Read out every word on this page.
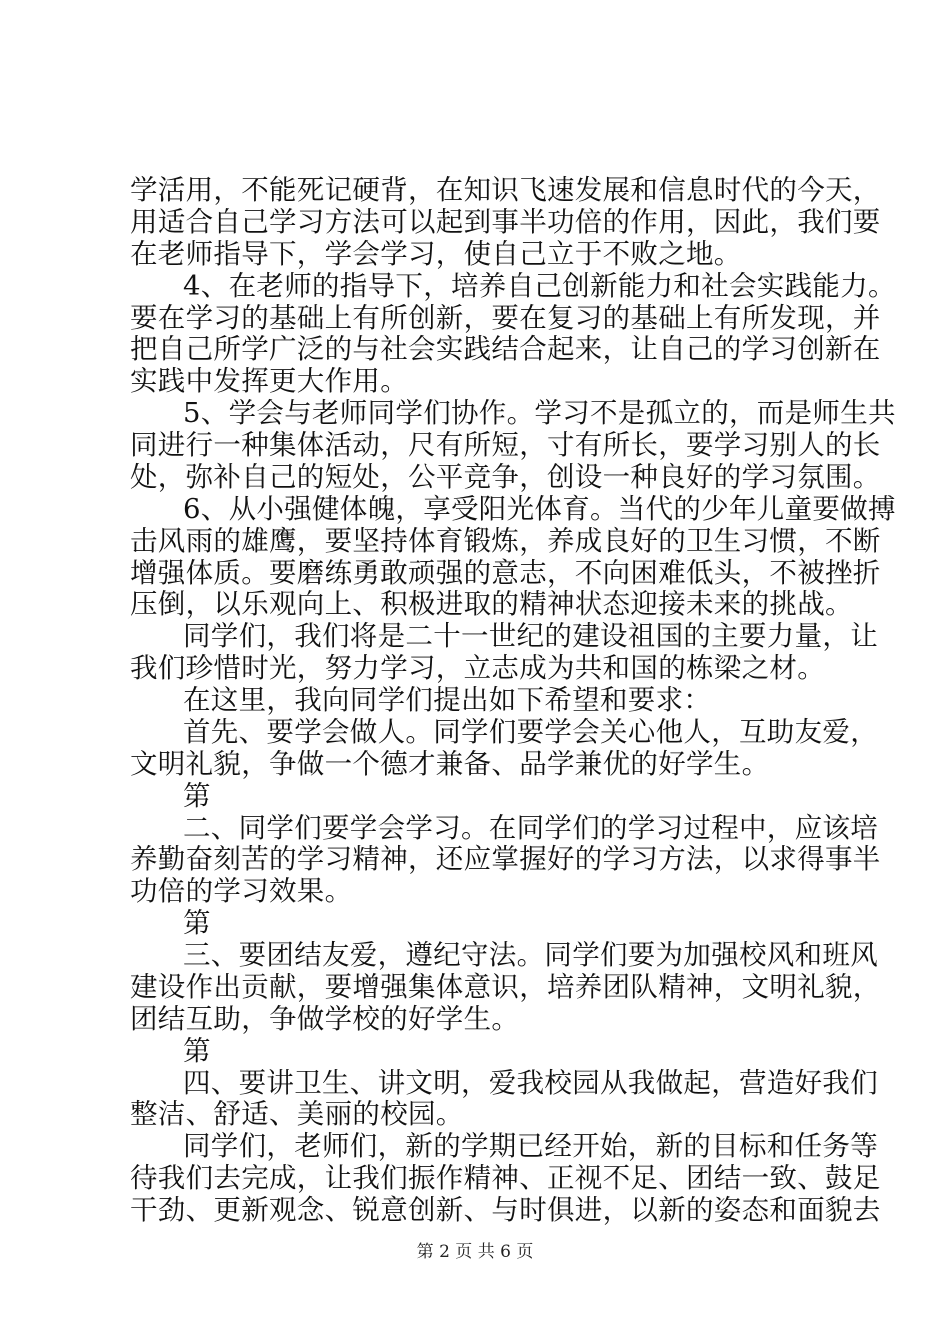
学活用，不能死记硬背，在知识飞速发展和信息时代的今天，
用适合自己学习方法可以起到事半功倍的作用，因此，我们要
在老师指导下，学会学习，使自己立于不败之地。
4、在老师的指导下，培养自己创新能力和社会实践能力。
要在学习的基础上有所创新，要在复习的基础上有所发现，并
把自己所学广泛的与社会实践结合起来，让自己的学习创新在
实践中发挥更大作用。
5、学会与老师同学们协作。学习不是孤立的，而是师生共
同进行一种集体活动，尺有所短，寸有所长，要学习别人的长
处，弥补自己的短处，公平竞争，创设一种良好的学习氛围。
6、从小强健体魄，享受阳光体育。当代的少年儿童要做搏
击风雨的雄鹰，要坚持体育锻炼，养成良好的卫生习惯，不断
增强体质。要磨练勇敢顽强的意志，不向困难低头，不被挫折
压倒，以乐观向上、积极进取的精神状态迎接未来的挑战。
同学们，我们将是二十一世纪的建设祖国的主要力量，让
我们珍惜时光，努力学习，立志成为共和国的栋梁之材。
在这里，我向同学们提出如下希望和要求：
首先、要学会做人。同学们要学会关心他人，互助友爱，
文明礼貌，争做一个德才兼备、品学兼优的好学生。
第
二、同学们要学会学习。在同学们的学习过程中，应该培
养勤奋刻苦的学习精神，还应掌握好的学习方法，以求得事半
功倍的学习效果。
第
三、要团结友爱，遵纪守法。同学们要为加强校风和班风
建设作出贡献，要增强集体意识，培养团队精神，文明礼貌，
团结互助，争做学校的好学生。
第
四、要讲卫生、讲文明，爱我校园从我做起，营造好我们
整洁、舒适、美丽的校园。
同学们，老师们，新的学期已经开始，新的目标和任务等
待我们去完成，让我们振作精神、正视不足、团结一致、鼓足
干劲、更新观念、锐意创新、与时俱进，以新的姿态和面貌去
第 2 页 共 6 页
